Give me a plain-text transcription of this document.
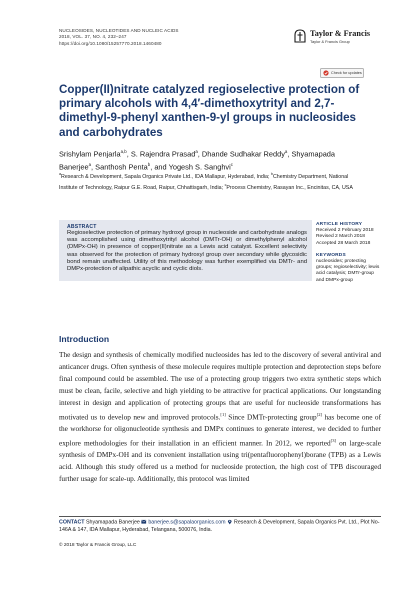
NUCLEOSIDES, NUCLEOTIDES AND NUCLEIC ACIDS
2018, VOL. 37, NO. 4, 232–247
https://doi.org/10.1080/15257770.2018.1460480
Taylor & Francis
Taylor & Francis Group
Check for updates
Copper(II)nitrate catalyzed regioselective protection of primary alcohols with 4,4′-dimethoxytrityl and 2,7-dimethyl-9-phenyl xanthen-9-yl groups in nucleosides and carbohydrates

Srishylam Penjarla$^{a,b}$, S. Rajendra Prasad$^a$, Dhande Sudhakar Reddy$^a$, Shyamapada Banerjee$^a$, Santhosh Penta$^b$, and Yogesh S. Sanghvi$^c$

$^a$Research & Development, Sapala Organics Private Ltd., IDA Mallapur, Hyderabad, India; $^b$Chemistry Department, National Institute of Technology, Raipur G.E. Road, Raipur, Chhattisgarh, India; $^c$Process Chemistry, Rasayan Inc., Encinitas, CA, USA

ABSTRACT

Regioselective protection of primary hydroxyl group in nucleoside and carbohydrate analogs was accomplished using dimethoxytrityl alcohol (DMTr-OH) or dimethylphenyl alcohol (DMPx-OH) in presence of copper(II)nitrate as a Lewis acid catalyst. Excellent selectivity was observed for the protection of primary hydroxyl group over secondary while glycosidic bond remain unaffected. Utility of this methodology was further exemplified via DMTr- and DMPx-protection of alipathic acyclic and cyclic diols.

ARTICLE HISTORY
Received 2 February 2018
Revised 2 March 2018
Accepted 28 March 2018
KEYWORDS
nucleosides; protecting
groups; regioselectivity; lewis
acid catalysis; DMTr-group
and DMPx-group
Introduction

The design and synthesis of chemically modified nucleosides has led to the discovery of several antiviral and anticancer drugs. Often synthesis of these molecule requires multiple protection and deprotection steps before final compound could be assembled. The use of a protecting group triggers two extra synthetic steps which must be clean, facile, selective and high yielding to be attractive for practical applications. Our longstanding interest in design and application of protecting groups that are useful for nucleoside transformations has motivated us to develop new and improved protocols.[1] Since DMTr-protecting group[2] has become one of the workhorse for oligonucleotide synthesis and DMPx continues to generate interest, we decided to further explore methodologies for their installation in an efficient manner. In 2012, we reported[3] on large-scale synthesis of DMPx-OH and its convenient installation using tri(pentafluorophenyl)borane (TPB) as a Lewis acid. Although this study offered us a method for nucleoside protection, the high cost of TPB discouraged further usage for scale-up. Additionally, this protocol was limited

CONTACT Shyamapada Banerjee  banerjee.s@sapalaorganics.com Research & Development, Sapala Organics Pvt. Ltd., Plot No-146A & 147, IDA Mallapur, Hyderabad, Telangana, 500076, India.

© 2018 Taylor & Francis Group, LLC
